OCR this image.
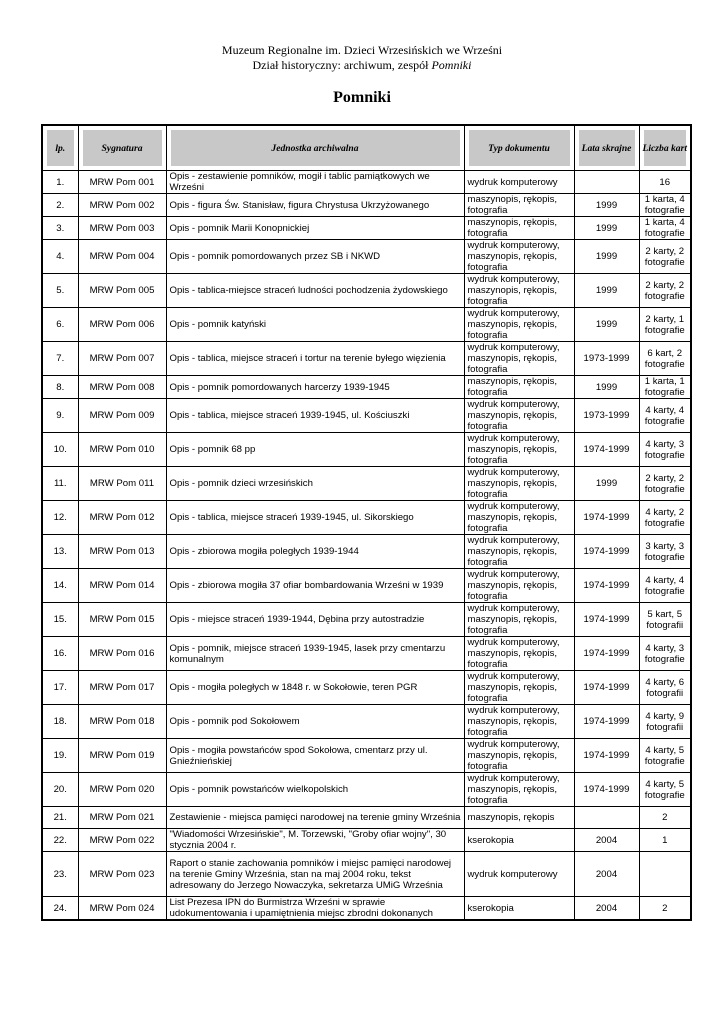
Muzeum Regionalne im. Dzieci Wrzesińskich we Wrześni
Dział historyczny: archiwum, zespół Pomniki
Pomniki
lp.	Sygnatura	Jednostka archiwalna	Typ dokumentu	Lata skrajne	Liczba kart
1.	MRW Pom 001	Opis - zestawienie pomników, mogił i tablic pamiątkowych we Wrześni	wydruk komputerowy		16
2.	MRW Pom 002	Opis - figura Św. Stanisław, figura Chrystusa Ukrzyżowanego	maszynopis, rękopis, fotografia	1999	1 karta, 4 fotografie
3.	MRW Pom 003	Opis - pomnik Marii Konopnickiej	maszynopis, rękopis, fotografia	1999	1 karta, 4 fotografie
4.	MRW Pom 004	Opis - pomnik pomordowanych przez SB i NKWD	wydruk komputerowy, maszynopis, rękopis, fotografia	1999	2 karty, 2 fotografie
5.	MRW Pom 005	Opis - tablica-miejsce straceń ludności pochodzenia żydowskiego	wydruk komputerowy, maszynopis, rękopis, fotografia	1999	2 karty, 2 fotografie
6.	MRW Pom 006	Opis - pomnik katyński	wydruk komputerowy, maszynopis, rękopis, fotografia	1999	2 karty, 1 fotografie
7.	MRW Pom 007	Opis - tablica, miejsce straceń i tortur na terenie byłego więzienia	wydruk komputerowy, maszynopis, rękopis, fotografia	1973-1999	6 kart, 2 fotografie
8.	MRW Pom 008	Opis - pomnik pomordowanych harcerzy 1939-1945	maszynopis, rękopis, fotografia	1999	1 karta, 1 fotografie
9.	MRW Pom 009	Opis - tablica, miejsce straceń 1939-1945, ul. Kościuszki	wydruk komputerowy, maszynopis, rękopis, fotografia	1973-1999	4 karty, 4 fotografie
10.	MRW Pom 010	Opis - pomnik 68 pp	wydruk komputerowy, maszynopis, rękopis, fotografia	1974-1999	4 karty, 3 fotografie
11.	MRW Pom 011	Opis - pomnik dzieci wrzesińskich	wydruk komputerowy, maszynopis, rękopis, fotografia	1999	2 karty, 2 fotografie
12.	MRW Pom 012	Opis - tablica, miejsce straceń 1939-1945, ul. Sikorskiego	wydruk komputerowy, maszynopis, rękopis, fotografia	1974-1999	4 karty, 2 fotografie
13.	MRW Pom 013	Opis - zbiorowa mogiła poległych 1939-1944	wydruk komputerowy, maszynopis, rękopis, fotografia	1974-1999	3 karty, 3 fotografie
14.	MRW Pom 014	Opis - zbiorowa mogiła 37 ofiar bombardowania Wrześni w 1939	wydruk komputerowy, maszynopis, rękopis, fotografia	1974-1999	4 karty, 4 fotografie
15.	MRW Pom 015	Opis - miejsce straceń 1939-1944, Dębina przy autostradzie	wydruk komputerowy, maszynopis, rękopis, fotografia	1974-1999	5 kart, 5 fotografii
16.	MRW Pom 016	Opis - pomnik, miejsce straceń 1939-1945, lasek przy cmentarzu komunalnym	wydruk komputerowy, maszynopis, rękopis, fotografia	1974-1999	4 karty, 3 fotografie
17.	MRW Pom 017	Opis - mogiła poległych w 1848 r. w Sokołowie, teren PGR	wydruk komputerowy, maszynopis, rękopis, fotografia	1974-1999	4 karty, 6 fotografii
18.	MRW Pom 018	Opis - pomnik pod Sokołowem	wydruk komputerowy, maszynopis, rękopis, fotografia	1974-1999	4 karty, 9 fotografii
19.	MRW Pom 019	Opis - mogiła powstańców spod Sokołowa, cmentarz przy ul. Gnieźnieńskiej	wydruk komputerowy, maszynopis, rękopis, fotografia	1974-1999	4 karty, 5 fotografie
20.	MRW Pom 020	Opis - pomnik powstańców wielkopolskich	wydruk komputerowy, maszynopis, rękopis, fotografia	1974-1999	4 karty, 5 fotografie
21.	MRW Pom 021	Zestawienie - miejsca pamięci narodowej na terenie gminy Września	maszynopis, rękopis		2
22.	MRW Pom 022	"Wiadomości Wrzesińskie", M. Torzewski, "Groby ofiar wojny", 30 stycznia 2004 r.	kserokopia	2004	1
23.	MRW Pom 023	Raport o stanie zachowania pomników i miejsc pamięci narodowej na terenie Gminy Września, stan na maj 2004 roku, tekst adresowany do Jerzego Nowaczyka, sekretarza UMiG Września	wydruk komputerowy	2004	
24.	MRW Pom 024	List Prezesa IPN do Burmistrza Wrześni w sprawie udokumentowania i upamiętnienia miejsc zbrodni dokonanych	kserokopia	2004	2
